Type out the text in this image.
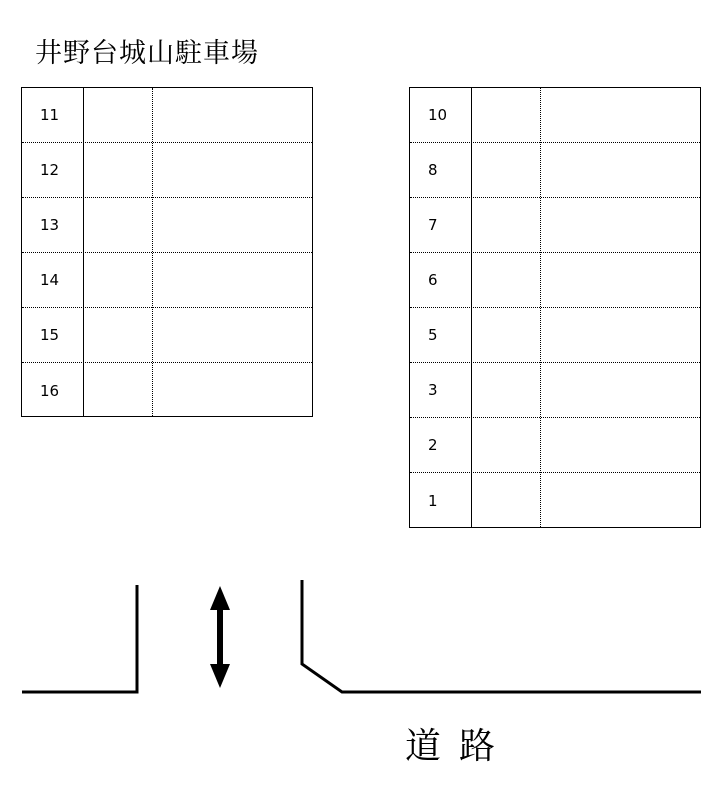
井野台城山駐車場
11
12
13
14
15
16
10
8
7
6
5
3
2
1
道路
